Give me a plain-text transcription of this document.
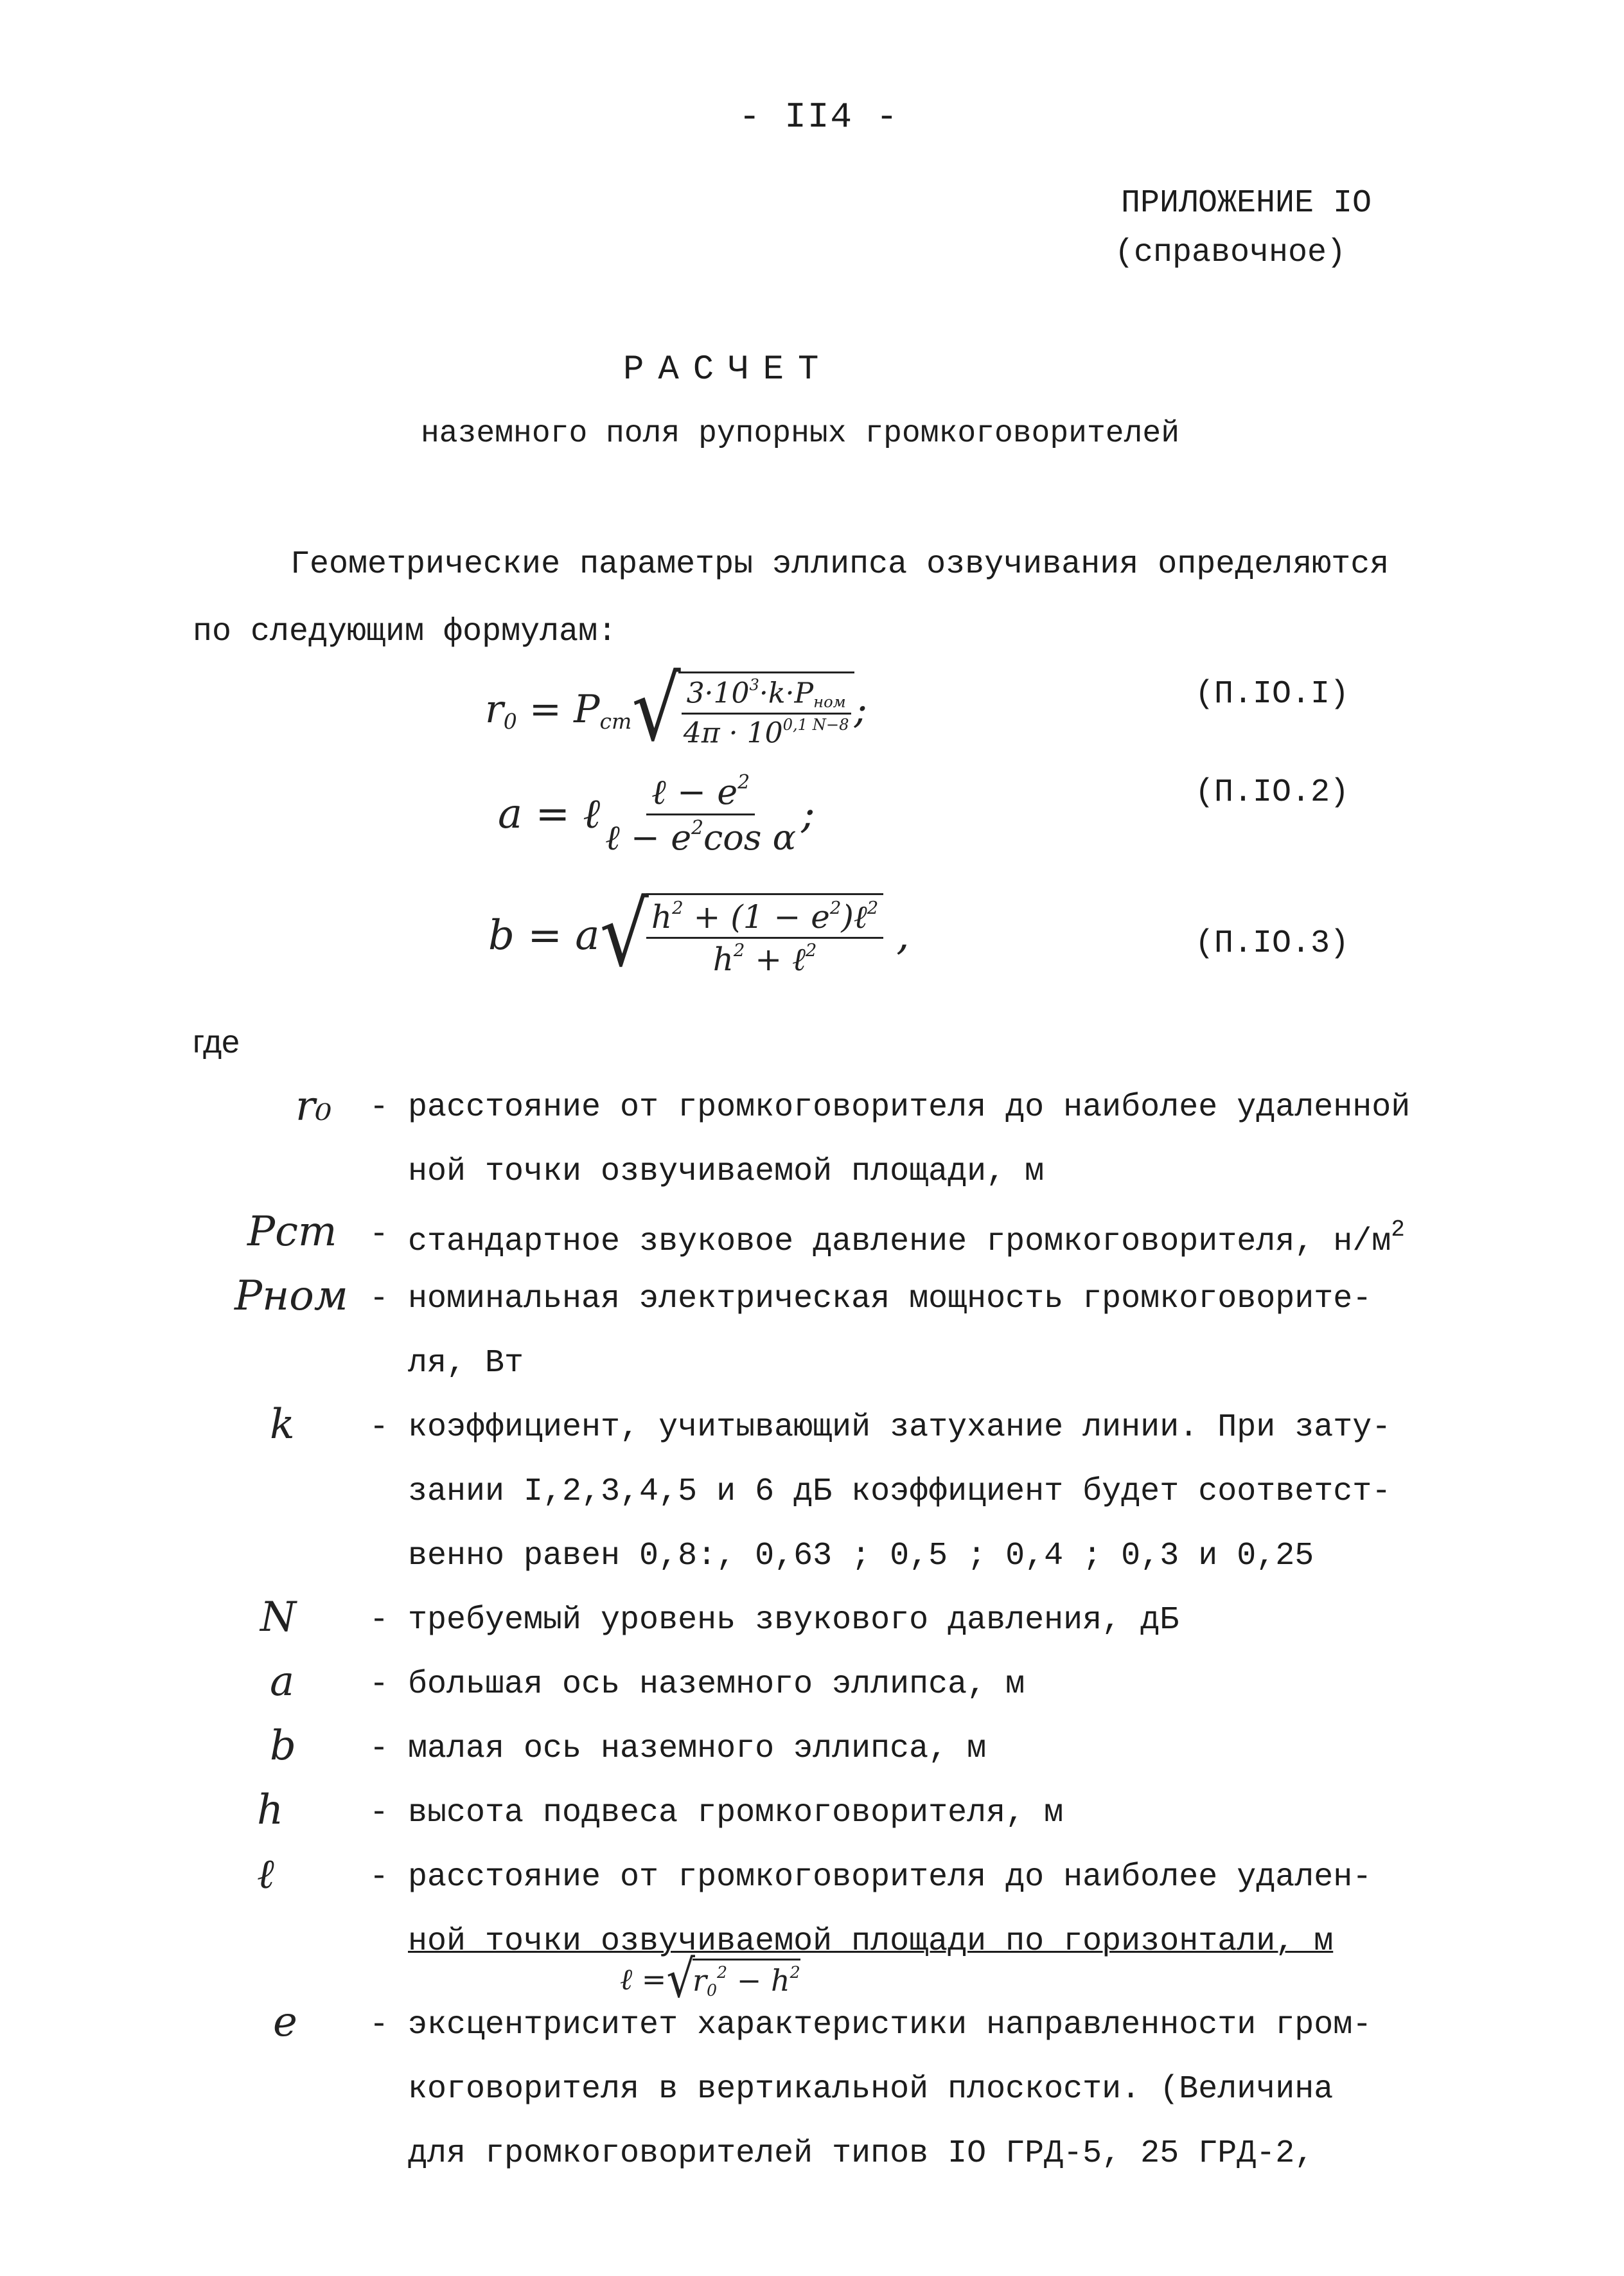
- II4 -
ПРИЛОЖЕНИЕ IO
(справочное)
РАСЧЕТ
наземного поля рупорных громкоговорителей
Геометрические параметры эллипса озвучивания определяются
по следующим формулам:
$r_0 = P_{cm}$ √
$\frac{3\cdot 10^3\cdot k\cdot P_{ном}}{4\pi \cdot 10^{0,1 N-8}}$ ;	(П.IO.I)
a = ℓ $\frac{\ell - e^2}{\ell - e^2\cos \alpha}$ ;	(П.IO.2)
b = a √
$\frac{h^2 + (1 - e^2)\ell^2}{h^2 + \ell^2}$ ,	(П.IO.3)
где
r₀ - расстояние от громкоговорителя до наиболее удаленной
ной точки озвучиваемой площади, м
Pст - стандартное звуковое давление громкоговорителя, $н/м^2$
Pном - номинальная электрическая мощность громкоговорите-
ля, Вт
k - коэффициент, учитывающий затухание линии. При зату-
зании I,2,3,4,5 и 6 дБ коэффициент будет соответст-
венно равен 0,8:, 0,63 ; 0,5 ; 0,4 ; 0,3 и 0,25
N - требуемый уровень звукового давления, дБ
a - большая ось наземного эллипса, м
b - малая ось наземного эллипса, м
h	- высота подвеса громкоговорителя, м
ℓ	- расстояние от громкоговорителя до наиболее удален-
ной точки озвучиваемой площади по горизонтали, м
ℓ = √
$r_0^2 - h^2$
e - эксцентриситет характеристики направленности гром-
коговорителя в вертикальной плоскости. (Величина
для громкоговорителей типов IO ГРД-5, 25 ГРД-2,
